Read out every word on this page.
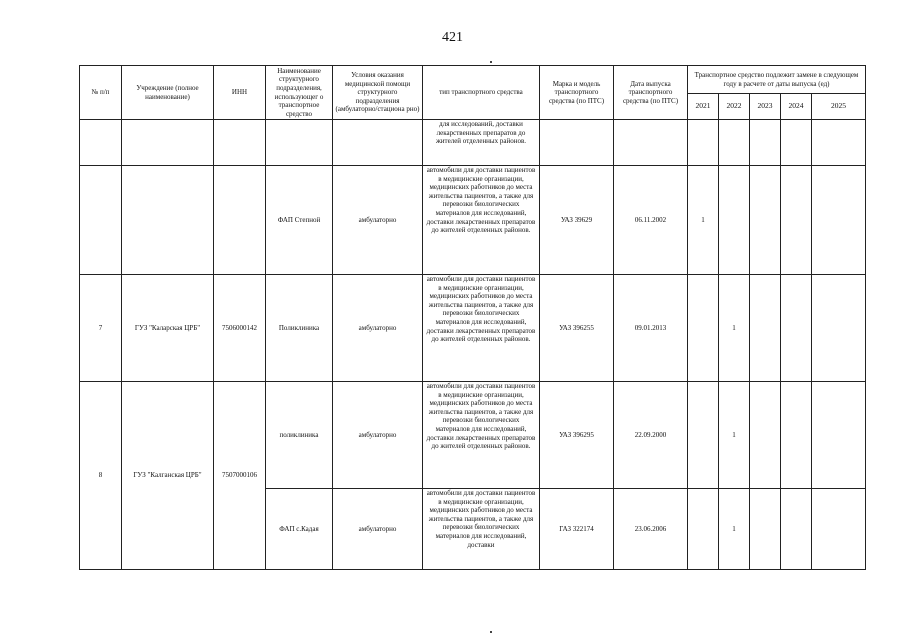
421
№ п/п	Учреждение (полное наименование)	ИНН	Наименование структурного подразделения, использующег о транспортное средство	Условия оказания медицинской помощи структурного подразделения (амбулаторно/стациона рно)	тип транспортного средства	Марка и модель транспортного средства (по ПТС)	Дата выпуска транспортного средства (по ПТС)	Транспортное средство подлежит замене в следующем году в расчете от даты выпуска (ед)				
								2021	2022	2023	2024	2025

					для исследований, доставки лекарственных препаратов до жителей отделенных районов.							

			ФАП Степной	амбулаторно	автомобили для доставки пациентов в медицинские организации, медицинских работников до места жительства пациентов, а также для перевозки биологических материалов для исследований, доставки лекарственных препаратов до жителей отделенных районов.	УАЗ 39629	06.11.2002	1				
7	ГУЗ "Каларская ЦРБ"	7506000142	Поликлиника	амбулаторно	автомобили для доставки пациентов в медицинские организации, медицинских работников до места жительства пациентов, а также для перевозки биологических материалов для исследований, доставки лекарственных препаратов до жителей отделенных районов.	УАЗ 396255	09.01.2013		1			
8	ГУЗ "Калганская ЦРБ"	7507000106	поликлиника	амбулаторно	автомобили для доставки пациентов в медицинские организации, медицинских работников до места жительства пациентов, а также для перевозки биологических материалов для исследований, доставки лекарственных препаратов до жителей отделенных районов.	УАЗ 396295	22.09.2000		1			
			ФАП с.Кадая	амбулаторно	автомобили для доставки пациентов в медицинские организации, медицинских работников до места жительства пациентов, а также для перевозки биологических материалов для исследований, доставки	ГАЗ 322174	23.06.2006		1			
